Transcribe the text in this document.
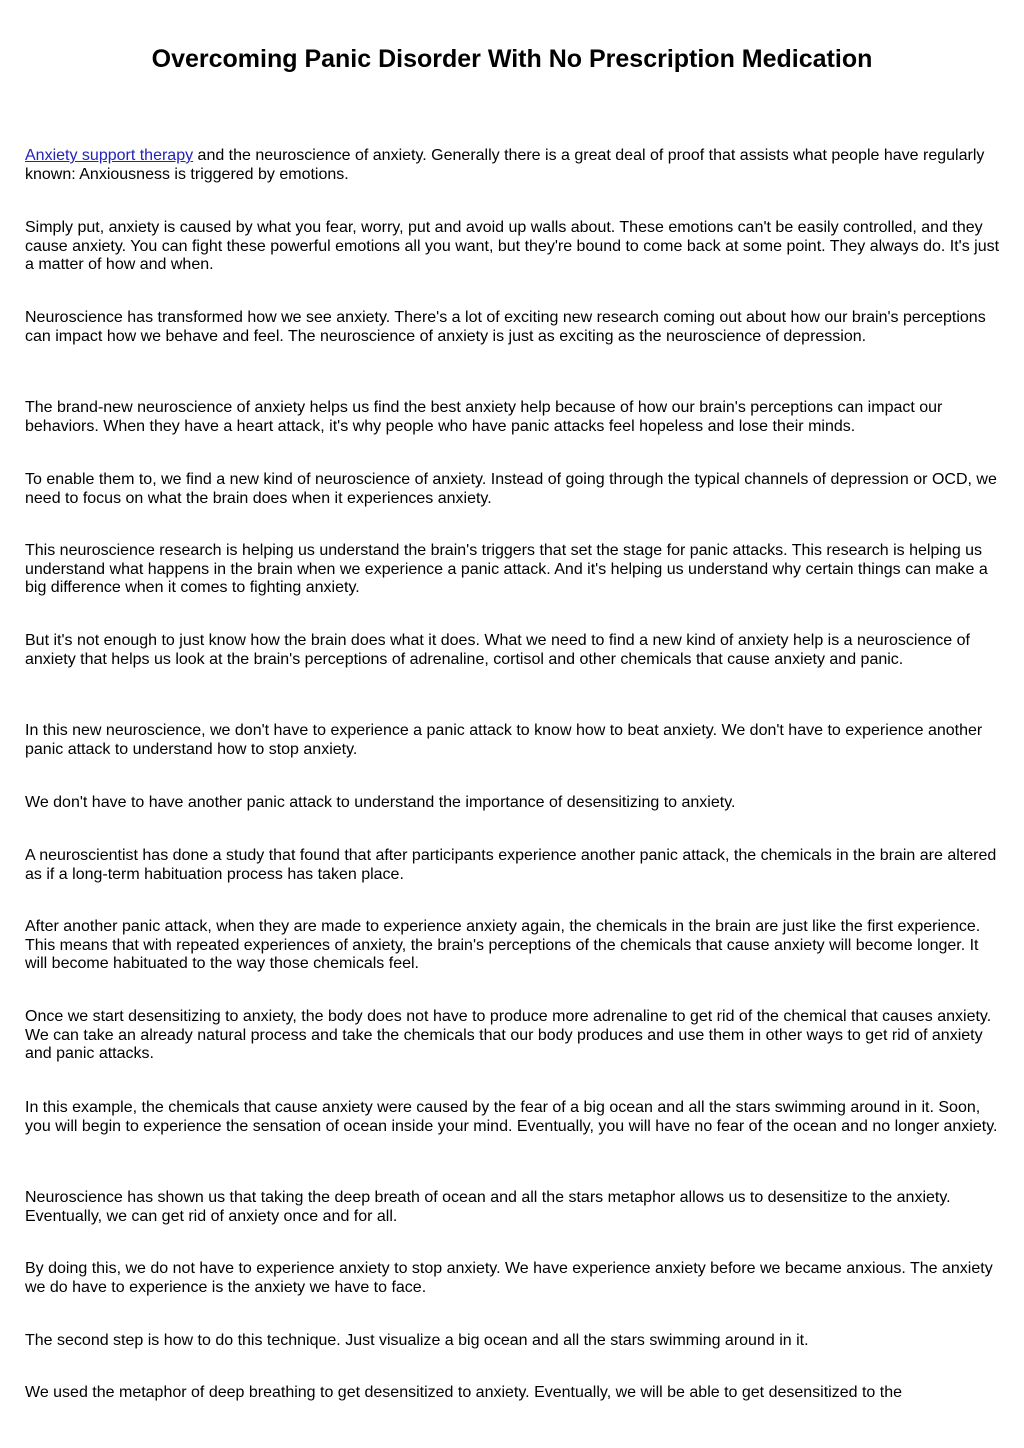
Overcoming Panic Disorder With No Prescription Medication

Anxiety support therapy and the neuroscience of anxiety. Generally there is a great deal of proof that assists what people have regularly known: Anxiousness is triggered by emotions.

Simply put, anxiety is caused by what you fear, worry, put and avoid up walls about. These emotions can't be easily controlled, and they cause anxiety. You can fight these powerful emotions all you want, but they're bound to come back at some point. They always do. It's just a matter of how and when.

Neuroscience has transformed how we see anxiety. There's a lot of exciting new research coming out about how our brain's perceptions can impact how we behave and feel. The neuroscience of anxiety is just as exciting as the neuroscience of depression.

The brand-new neuroscience of anxiety helps us find the best anxiety help because of how our brain's perceptions can impact our behaviors. When they have a heart attack, it's why people who have panic attacks feel hopeless and lose their minds.

To enable them to, we find a new kind of neuroscience of anxiety. Instead of going through the typical channels of depression or OCD, we need to focus on what the brain does when it experiences anxiety.

This neuroscience research is helping us understand the brain's triggers that set the stage for panic attacks. This research is helping us understand what happens in the brain when we experience a panic attack. And it's helping us understand why certain things can make a big difference when it comes to fighting anxiety.

But it's not enough to just know how the brain does what it does. What we need to find a new kind of anxiety help is a neuroscience of anxiety that helps us look at the brain's perceptions of adrenaline, cortisol and other chemicals that cause anxiety and panic.

In this new neuroscience, we don't have to experience a panic attack to know how to beat anxiety. We don't have to experience another panic attack to understand how to stop anxiety.

We don't have to have another panic attack to understand the importance of desensitizing to anxiety.

A neuroscientist has done a study that found that after participants experience another panic attack, the chemicals in the brain are altered as if a long-term habituation process has taken place.

After another panic attack, when they are made to experience anxiety again, the chemicals in the brain are just like the first experience. This means that with repeated experiences of anxiety, the brain's perceptions of the chemicals that cause anxiety will become longer. It will become habituated to the way those chemicals feel.

Once we start desensitizing to anxiety, the body does not have to produce more adrenaline to get rid of the chemical that causes anxiety. We can take an already natural process and take the chemicals that our body produces and use them in other ways to get rid of anxiety and panic attacks.

In this example, the chemicals that cause anxiety were caused by the fear of a big ocean and all the stars swimming around in it. Soon, you will begin to experience the sensation of ocean inside your mind. Eventually, you will have no fear of the ocean and no longer anxiety.

Neuroscience has shown us that taking the deep breath of ocean and all the stars metaphor allows us to desensitize to the anxiety. Eventually, we can get rid of anxiety once and for all.

By doing this, we do not have to experience anxiety to stop anxiety. We have experience anxiety before we became anxious. The anxiety we do have to experience is the anxiety we have to face.

The second step is how to do this technique. Just visualize a big ocean and all the stars swimming around in it.

We used the metaphor of deep breathing to get desensitized to anxiety. Eventually, we will be able to get desensitized to the
